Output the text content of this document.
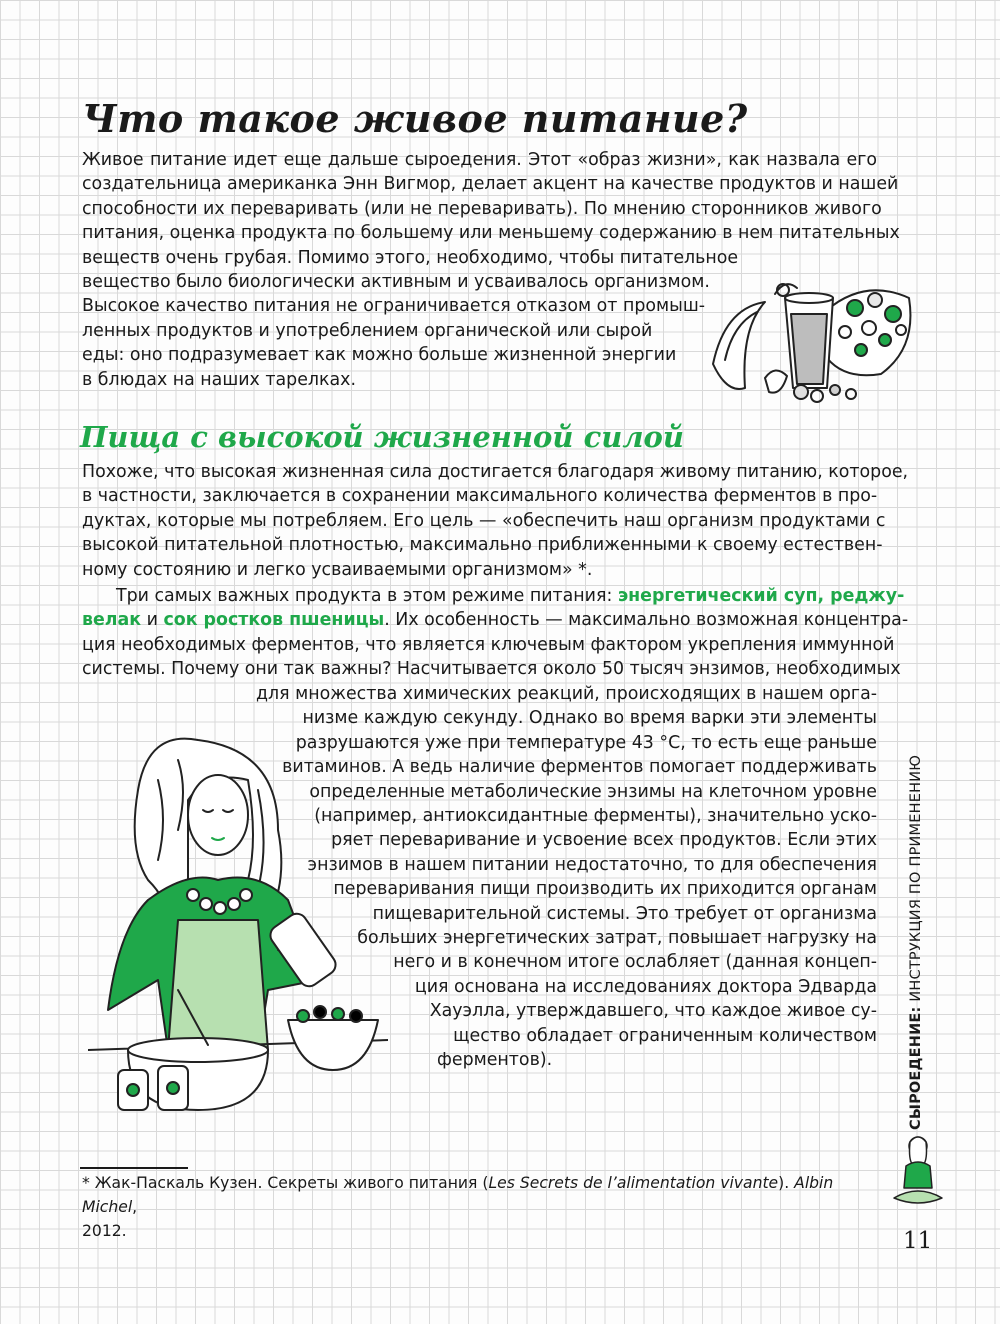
Что такое живое питание?
Живое питание идет еще дальше сыроедения. Этот «образ жизни», как назвала его
создательница американка Энн Вигмор, делает акцент на качестве продуктов и нашей
способности их переваривать (или не переваривать). По мнению сторонников живого
питания, оценка продукта по большему или меньшему содержанию в нем питательных
веществ очень грубая. Помимо этого, необходимо, чтобы питательное
вещество было биологически активным и усваивалось организмом.
Высокое качество питания не ограничивается отказом от промыш-
ленных продуктов и употреблением органической или сырой
еды: оно подразумевает как можно больше жизненной энергии
в блюдах на наших тарелках.
Пища с высокой жизненной силой
Похоже, что высокая жизненная сила достигается благодаря живому питанию, которое,
в частности, заключается в сохранении максимального количества ферментов в про-
дуктах, которые мы потребляем. Его цель — «обеспечить наш организм продуктами с
высокой питательной плотностью, максимально приближенными к своему естествен-
ному состоянию и легко усваиваемыми организмом» *.
Три самых важных продукта в этом режиме питания: энергетический суп, реджу-
велак и сок ростков пшеницы. Их особенность — максимально возможная концентра-
ция необходимых ферментов, что является ключевым фактором укрепления иммунной
системы. Почему они так важны? Насчитывается около 50 тысяч энзимов, необходимых
для множества химических реакций, происходящих в нашем орга-
низме каждую секунду. Однако во время варки эти элементы
разрушаются уже при температуре 43 °C, то есть еще раньше
витаминов. А ведь наличие ферментов помогает поддерживать
определенные метаболические энзимы на клеточном уровне
(например, антиоксидантные ферменты), значительно уско-
ряет переваривание и усвоение всех продуктов. Если этих
энзимов в нашем питании недостаточно, то для обеспечения
переваривания пищи производить их приходится органам
пищеварительной системы. Это требует от организма
больших энергетических затрат, повышает нагрузку на
него и в конечном итоге ослабляет (данная концеп-
ция основана на исследованиях доктора Эдварда
Хауэлла, утверждавшего, что каждое живое су-
щество обладает ограниченным количеством
ферментов).
* Жак-Паскаль Кузен. Секреты живого питания (Les Secrets de l’alimentation vivante). Albin Michel,
2012.
СЫРОЕДЕНИЕ: ИНСТРУКЦИЯ ПО ПРИМЕНЕНИЮ
11
